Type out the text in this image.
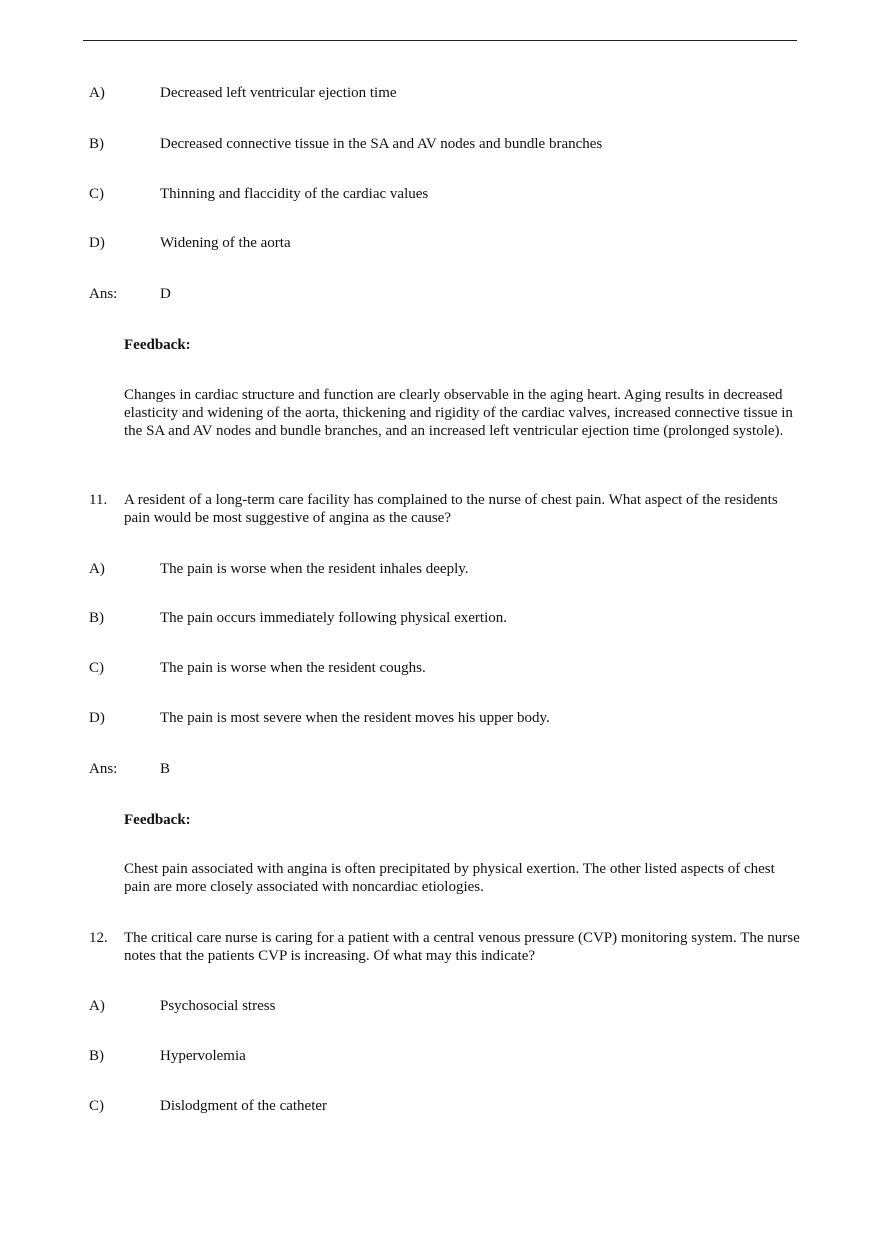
A)	Decreased left ventricular ejection time
B)	Decreased connective tissue in the SA and AV nodes and bundle branches
C)	Thinning and flaccidity of the cardiac values
D)	Widening of the aorta
Ans:	D
Feedback:
Changes in cardiac structure and function are clearly observable in the aging heart. Aging results in decreased elasticity and widening of the aorta, thickening and rigidity of the cardiac valves, increased connective tissue in the SA and AV nodes and bundle branches, and an increased left ventricular ejection time (prolonged systole).
11. A resident of a long-term care facility has complained to the nurse of chest pain. What aspect of the residents pain would be most suggestive of angina as the cause?
A)	The pain is worse when the resident inhales deeply.
B)	The pain occurs immediately following physical exertion.
C)	The pain is worse when the resident coughs.
D)	The pain is most severe when the resident moves his upper body.
Ans:	B
Feedback:
Chest pain associated with angina is often precipitated by physical exertion. The other listed aspects of chest pain are more closely associated with noncardiac etiologies.
12. The critical care nurse is caring for a patient with a central venous pressure (CVP) monitoring system. The nurse notes that the patients CVP is increasing. Of what may this indicate?
A)	Psychosocial stress
B)	Hypervolemia
C)	Dislodgment of the catheter
